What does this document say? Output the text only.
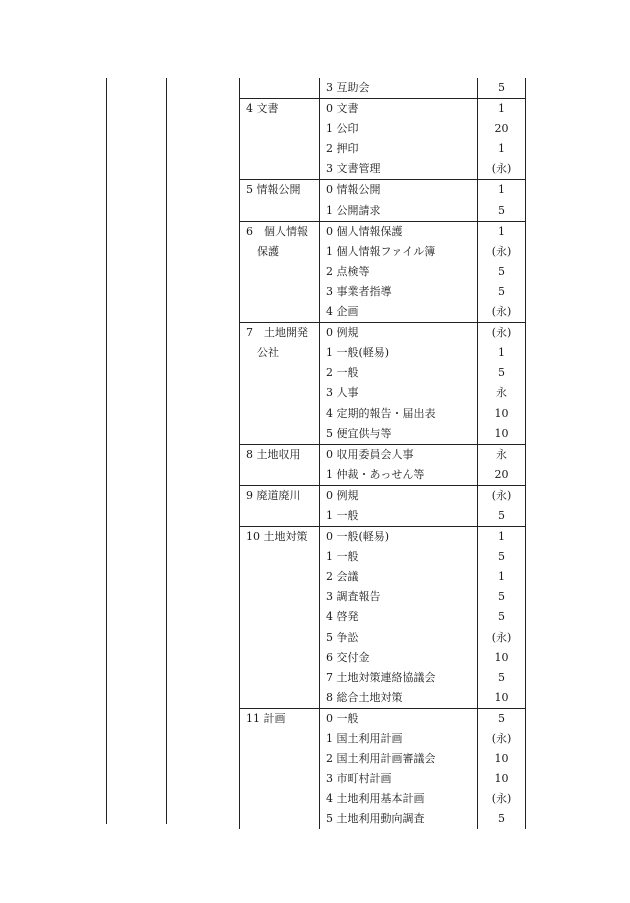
	3 互助会	5

4 文書	0 文書	1
	1 公印	20
	2 押印	1
	3 文書管理	(永)

5 情報公開	0 情報公開	1
	1 公開請求	5

6　個人情報
　保護	0 個人情報保護	1
	1 個人情報ファイル簿	(永)
	2 点検等	5
	3 事業者指導	5
	4 企画	(永)

7　土地開発
　公社	0 例規	(永)
	1 一般(軽易)	1
	2 一般	5
	3 人事	永
	4 定期的報告・届出表	10
	5 便宜供与等	10

8 土地収用	0 収用委員会人事	永
	1 仲裁・あっせん等	20

9 廃道廃川	0 例規	(永)
	1 一般	5

10 土地対策	0 一般(軽易)	1
	1 一般	5
	2 会議	1
	3 調査報告	5
	4 啓発	5
	5 争訟	(永)
	6 交付金	10
	7 土地対策連絡協議会	5
	8 総合土地対策	10

11 計画	0 一般	5
	1 国土利用計画	(永)
	2 国土利用計画審議会	10
	3 市町村計画	10
	4 土地利用基本計画	(永)
	5 土地利用動向調査	5
